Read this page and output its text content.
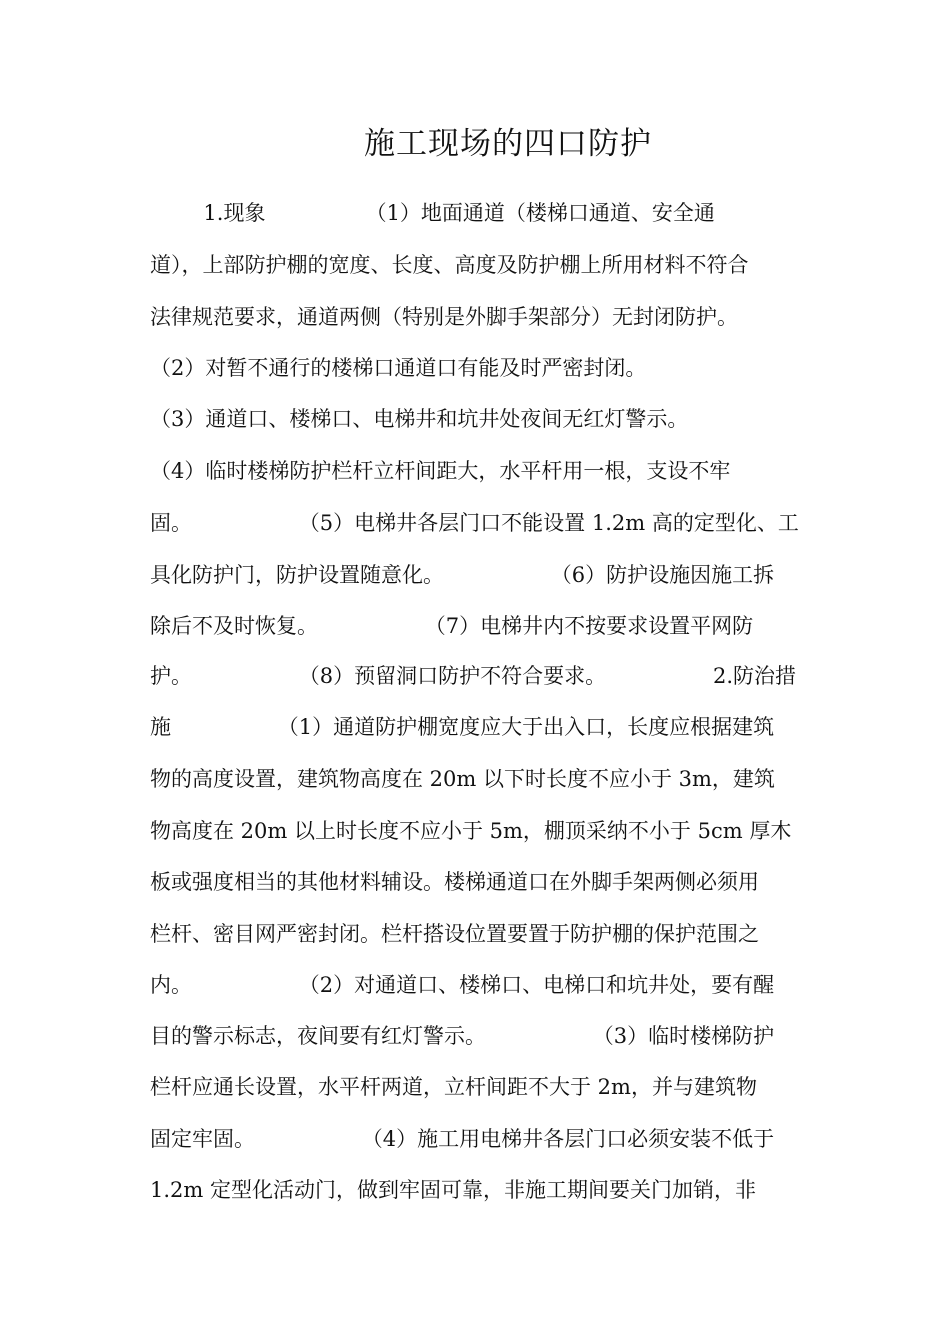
施工现场的四口防护
1.现象               （1）地面通道（楼梯口通道、安全通
道），上部防护棚的宽度、长度、高度及防护棚上所用材料不符合
法律规范要求，通道两侧（特别是外脚手架部分）无封闭防护。
（2）对暂不通行的楼梯口通道口有能及时严密封闭。
（3）通道口、楼梯口、电梯井和坑井处夜间无红灯警示。
（4）临时楼梯防护栏杆立杆间距大，水平杆用一根，支设不牢
固。                （5）电梯井各层门口不能设置 1.2m 高的定型化、工
具化防护门，防护设置随意化。                （6）防护设施因施工拆
除后不及时恢复。                （7）电梯井内不按要求设置平网防
护。                （8）预留洞口防护不符合要求。                2.防治措
施                （1）通道防护棚宽度应大于出入口，长度应根据建筑
物的高度设置，建筑物高度在 20m 以下时长度不应小于 3m，建筑
物高度在 20m 以上时长度不应小于 5m，棚顶采纳不小于 5cm 厚木
板或强度相当的其他材料辅设。楼梯通道口在外脚手架两侧必须用
栏杆、密目网严密封闭。栏杆搭设位置要置于防护棚的保护范围之
内。                （2）对通道口、楼梯口、电梯口和坑井处，要有醒
目的警示标志，夜间要有红灯警示。                （3）临时楼梯防护
栏杆应通长设置，水平杆两道，立杆间距不大于 2m，并与建筑物
固定牢固。                （4）施工用电梯井各层门口必须安装不低于
1.2m 定型化活动门，做到牢固可靠，非施工期间要关门加销，非
